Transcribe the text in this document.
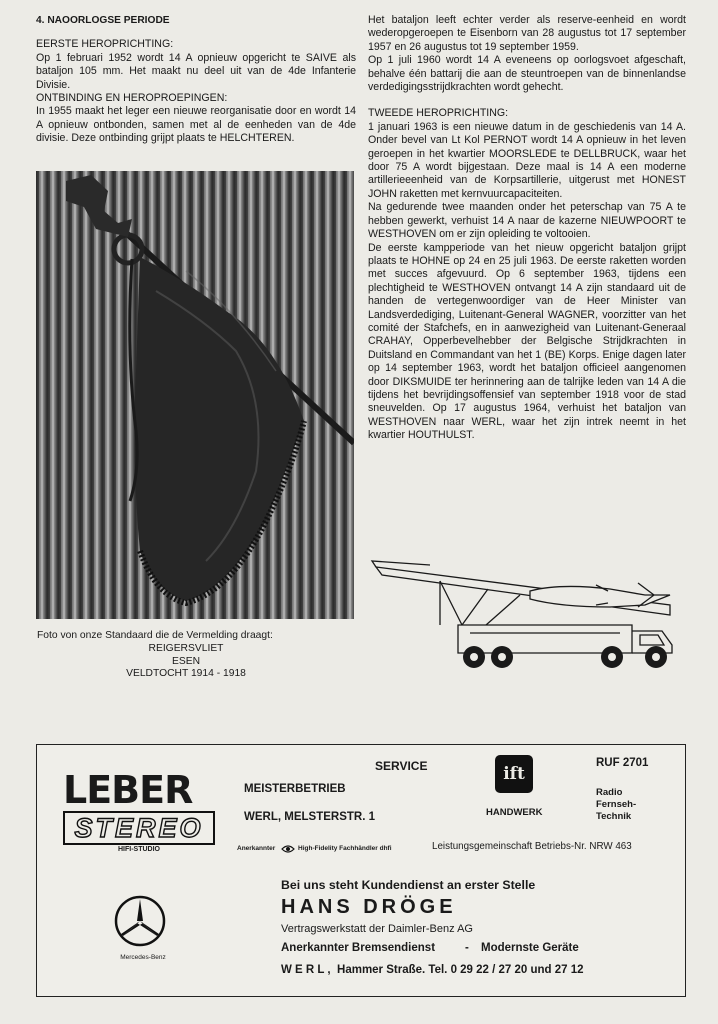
4. NAOORLOGSE PERIODE

EERSTE HEROPRICHTING:

Op 1 februari 1952 wordt 14 A opnieuw opgericht te SAIVE als bataljon 105 mm. Het maakt nu deel uit van de 4de Infanterie Divisie.

ONTBINDING EN HEROPROEPINGEN:

In 1955 maakt het leger een nieuwe reorganisatie door en wordt 14 A opnieuw ontbonden, samen met al de eenheden van de 4de divisie. Deze ontbinding grijpt plaats te HELCHTEREN.

Foto von onze Standaard die de Vermelding draagt:

REIGERSVLIET

ESEN

VELDTOCHT 1914 - 1918

Het bataljon leeft echter verder als reserve-eenheid en wordt wederopgeroepen te Eisenborn van 28 augustus tot 17 september 1957 en 26 augustus tot 19 september 1959.

Op 1 juli 1960 wordt 14 A eveneens op oorlogsvoet afgeschaft, behalve één battarij die aan de steuntroepen van de binnenlandse verdedigingsstrijdkrachten wordt gehecht.

TWEEDE HEROPRICHTING:

1 januari 1963 is een nieuwe datum in de geschiedenis van 14 A. Onder bevel van Lt Kol PERNOT wordt 14 A opnieuw in het leven geroepen in het kwartier MOORSLEDE te DELLBRUCK, waar het door 75 A wordt bijgestaan. Deze maal is 14 A een moderne artillerieeenheid van de Korpsartillerie, uitgerust met HONEST JOHN raketten met kernvuurcapaciteiten.

Na gedurende twee maanden onder het peterschap van 75 A te hebben gewerkt, verhuist 14 A naar de kazerne NIEUWPOORT te WESTHOVEN om er zijn opleiding te voltooien.

De eerste kampperiode van het nieuw opgericht bataljon grijpt plaats te HOHNE op 24 en 25 juli 1963. De eerste raketten worden met succes afgevuurd. Op 6 september 1963, tijdens een plechtigheid te WESTHOVEN ontvangt 14 A zijn standaard uit de handen de vertegenwoordiger van de Heer Minister van Landsverdediging, Luitenant-General WAGNER, voorzitter van het comité der Stafchefs, en in aanwezigheid van Luitenant-Generaal CRAHAY, Opperbevelhebber der Belgische Strijdkrachten in Duitsland en Commandant van het 1 (BE) Korps. Enige dagen later op 14 september 1963, wordt het bataljon officieel aangenomen door DIKSMUIDE ter herinnering aan de talrijke leden van 14 A die tijdens het bevrijdingsoffensief van september 1918 voor de stad sneuvelden. Op 17 augustus 1964, verhuist het bataljon van WESTHOVEN naar WERL, waar het zijn intrek neemt in het kwartier HOUTHULST.

LEBER
STEREO
HIFI-STUDIO
MEISTERBETRIEB
WERL, MELSTERSTR. 1
SERVICE	ift
HANDWERK
RUF 2701
Radio
Fernseh-
Technik
Anerkannter	High-Fidelity Fachhändler dhfi	Leistungsgemeinschaft Betriebs-Nr. NRW 463
Mercedes-Benz
Bei uns steht Kundendienst an erster Stelle
HANS DRÖGE
Vertragswerkstatt der Daimler-Benz AG
Anerkannter Bremsendienst	- Modernste Geräte
W E R L ,  Hammer Straße. Tel. 0 29 22 / 27 20 und 27 12
